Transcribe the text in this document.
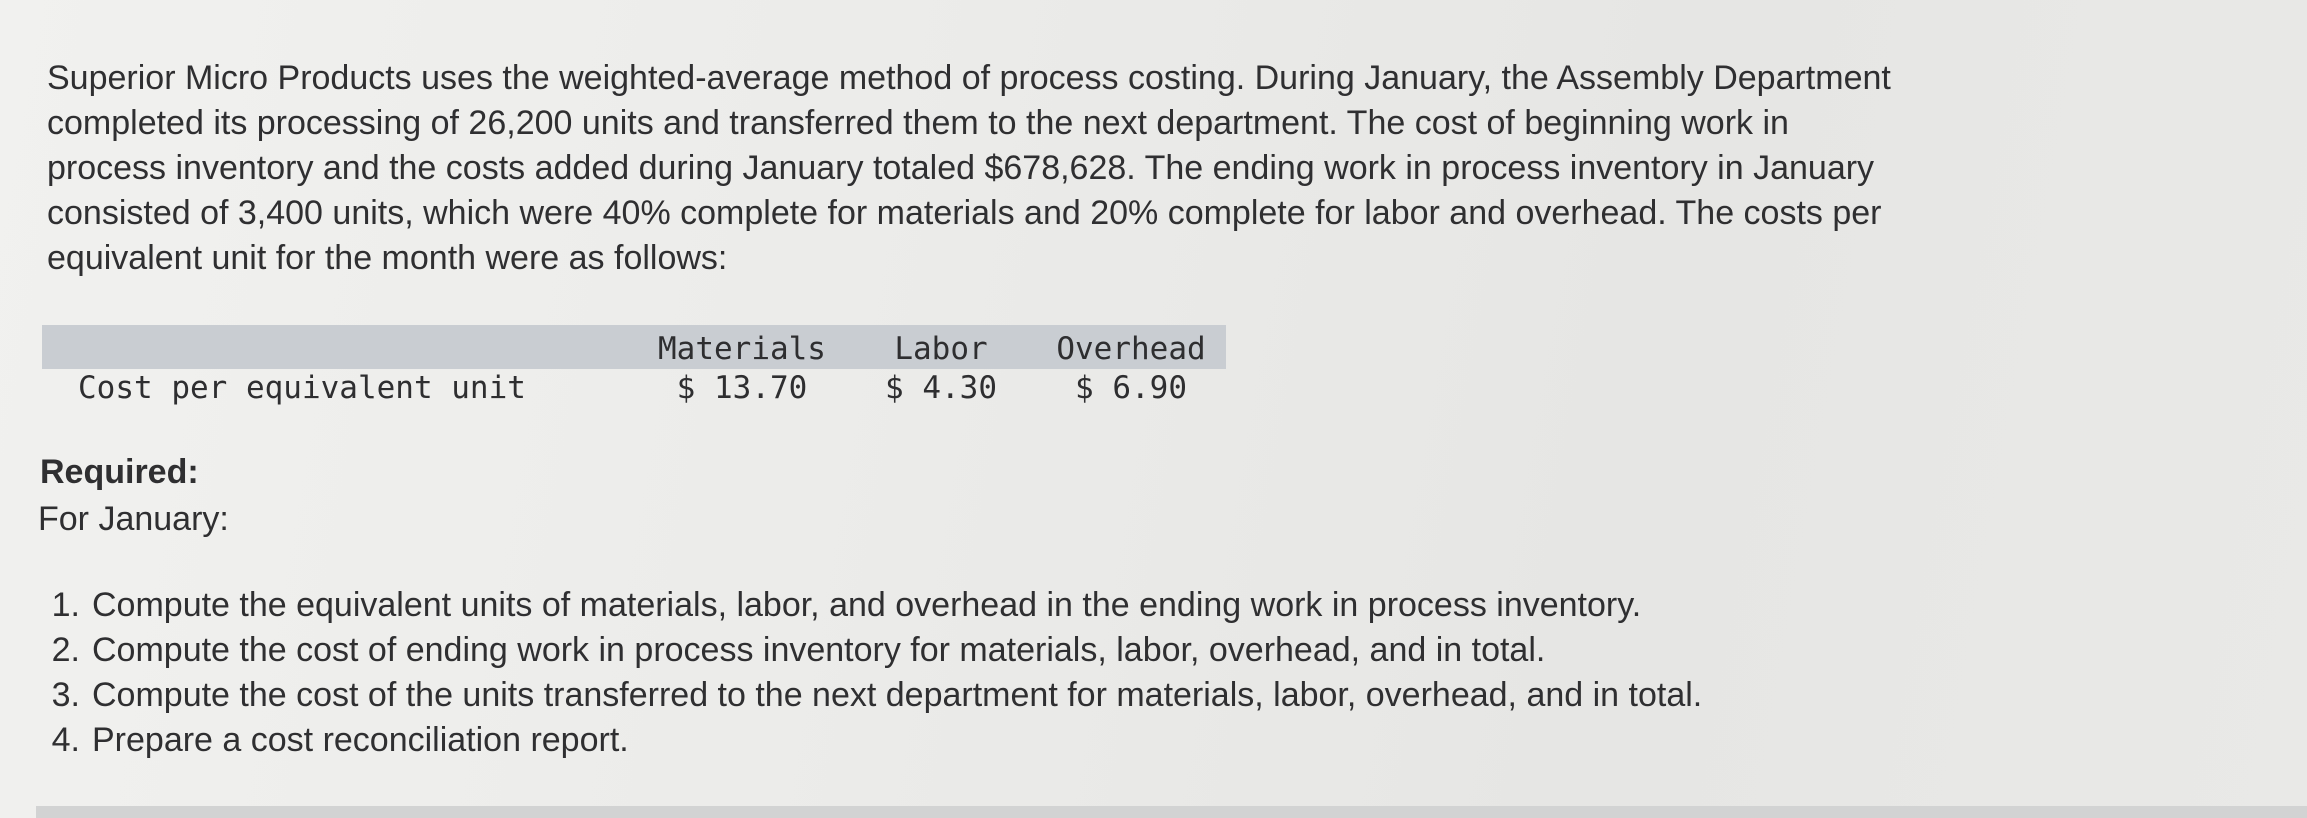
Superior Micro Products uses the weighted-average method of process costing. During January, the Assembly Department
completed its processing of 26,200 units and transferred them to the next department. The cost of beginning work in
process inventory and the costs added during January totaled $678,628. The ending work in process inventory in January
consisted of 3,400 units, which were 40% complete for materials and 20% complete for labor and overhead. The costs per
equivalent unit for the month were as follows:
	Materials	Labor	Overhead
Cost per equivalent unit	$ 13.70	$ 4.30	$ 6.90
Required:
For January:
1. Compute the equivalent units of materials, labor, and overhead in the ending work in process inventory.
2. Compute the cost of ending work in process inventory for materials, labor, overhead, and in total.
3. Compute the cost of the units transferred to the next department for materials, labor, overhead, and in total.
4. Prepare a cost reconciliation report.
